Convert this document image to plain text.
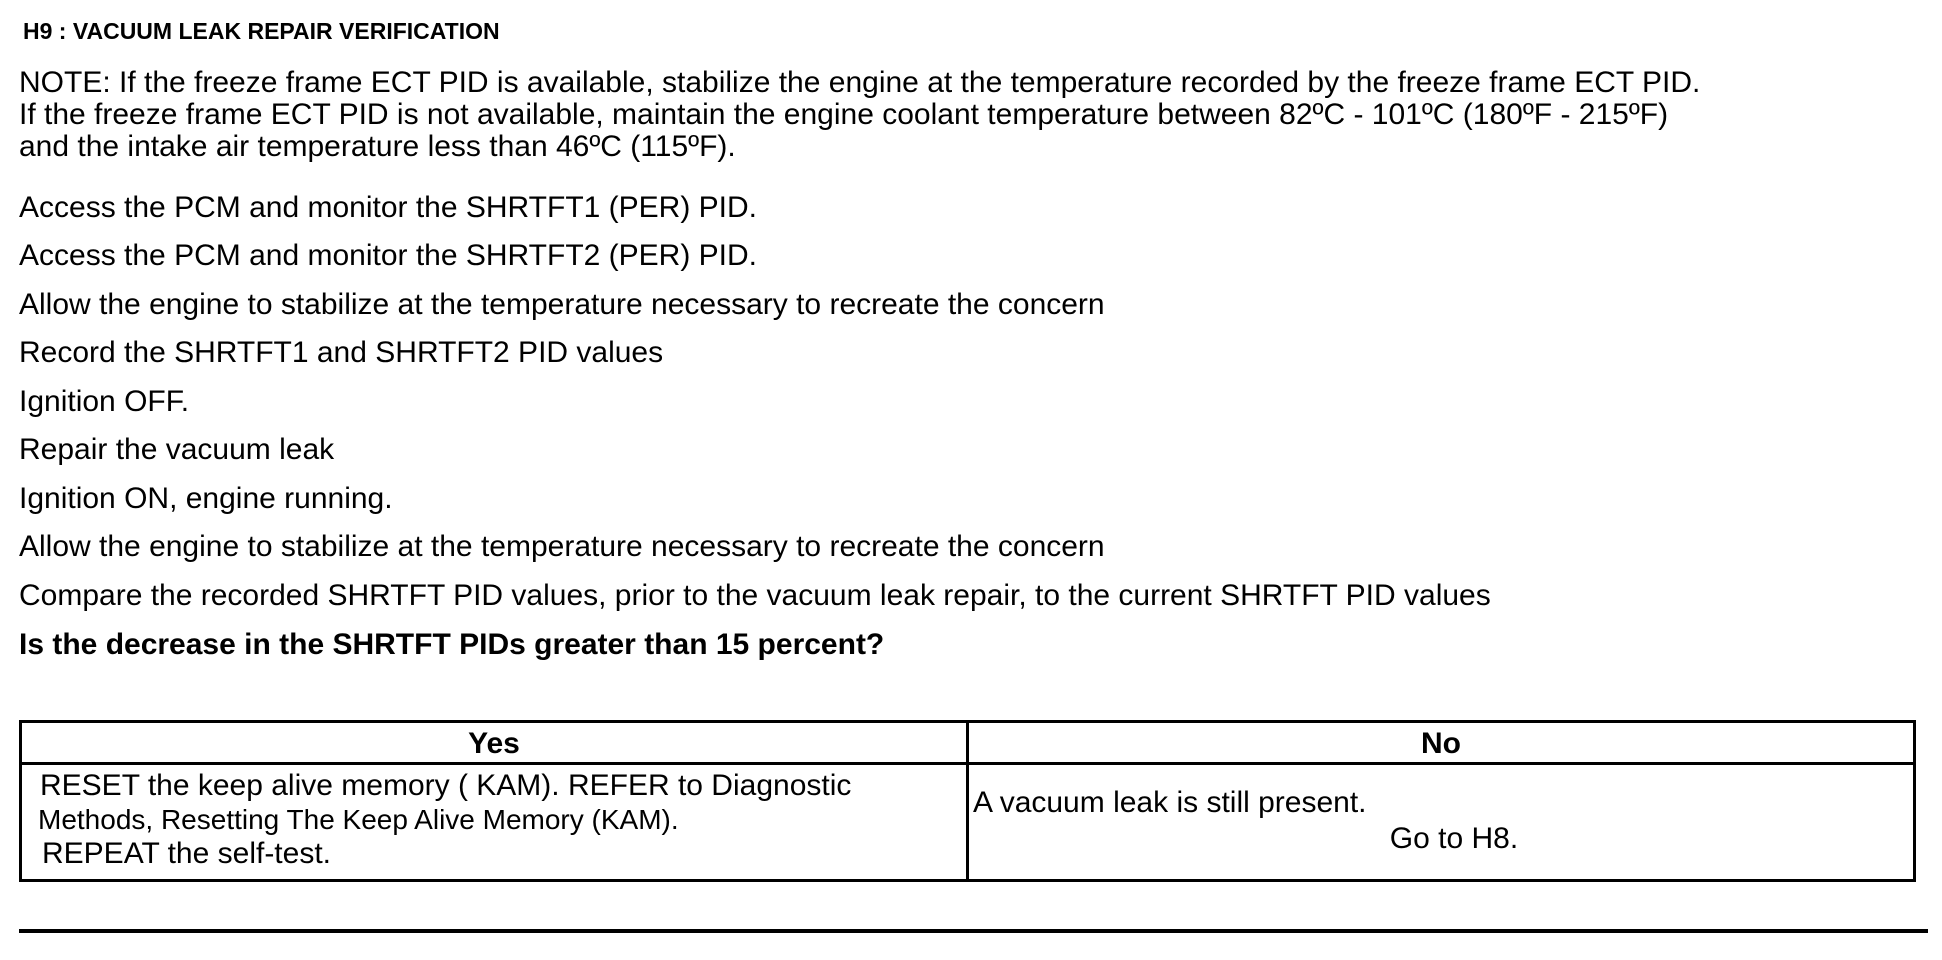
H9 : VACUUM LEAK REPAIR VERIFICATION
NOTE: If the freeze frame ECT PID is available, stabilize the engine at the temperature recorded by the freeze frame ECT PID.
If the freeze frame ECT PID is not available, maintain the engine coolant temperature between 82ºC - 101ºC (180ºF - 215ºF)
and the intake air temperature less than 46ºC (115ºF).
Access the PCM and monitor the SHRTFT1 (PER) PID.
Access the PCM and monitor the SHRTFT2 (PER) PID.
Allow the engine to stabilize at the temperature necessary to recreate the concern
Record the SHRTFT1 and SHRTFT2 PID values
Ignition OFF.
Repair the vacuum leak
Ignition ON, engine running.
Allow the engine to stabilize at the temperature necessary to recreate the concern
Compare the recorded SHRTFT PID values, prior to the vacuum leak repair, to the current SHRTFT PID values
Is the decrease in the SHRTFT PIDs greater than 15 percent?
Yes	No
RESET the keep alive memory ( KAM). REFER to Diagnostic
Methods, Resetting The Keep Alive Memory (KAM).
REPEAT the self-test.
A vacuum leak is still present.
Go to H8.
